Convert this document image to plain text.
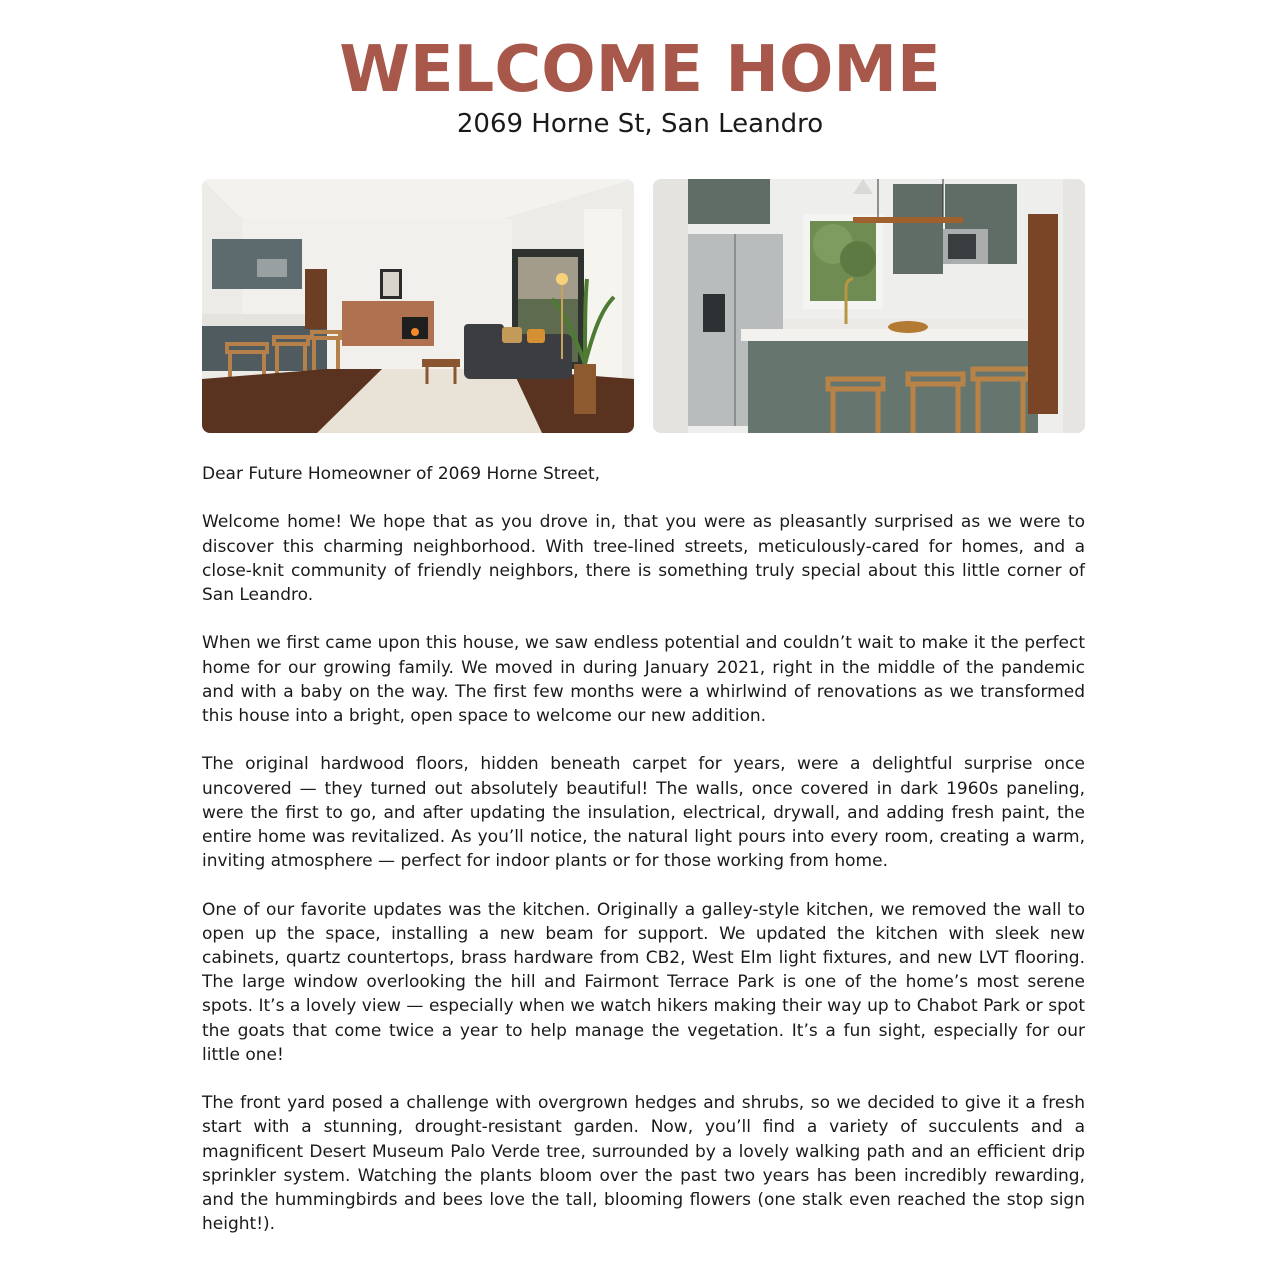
WELCOME HOME
2069 Horne St, San Leandro

Dear Future Homeowner of 2069 Horne Street,

Welcome home! We hope that as you drove in, that you were as pleasantly surprised as we were to discover this charming neighborhood. With tree-lined streets, meticulously-cared for homes, and a close-knit community of friendly neighbors, there is something truly special about this little corner of San Leandro.

When we first came upon this house, we saw endless potential and couldn’t wait to make it the perfect home for our growing family. We moved in during January 2021, right in the middle of the pandemic and with a baby on the way. The first few months were a whirlwind of renovations as we transformed this house into a bright, open space to welcome our new addition.

The original hardwood floors, hidden beneath carpet for years, were a delightful surprise once uncovered — they turned out absolutely beautiful! The walls, once covered in dark 1960s paneling, were the first to go, and after updating the insulation, electrical, drywall, and adding fresh paint, the entire home was revitalized. As you’ll notice, the natural light pours into every room, creating a warm, inviting atmosphere — perfect for indoor plants or for those working from home.

One of our favorite updates was the kitchen. Originally a galley-style kitchen, we removed the wall to open up the space, installing a new beam for support. We updated the kitchen with sleek new cabinets, quartz countertops, brass hardware from CB2, West Elm light fixtures, and new LVT flooring. The large window overlooking the hill and Fairmont Terrace Park is one of the home’s most serene spots. It’s a lovely view — especially when we watch hikers making their way up to Chabot Park or spot the goats that come twice a year to help manage the vegetation. It’s a fun sight, especially for our little one!

The front yard posed a challenge with overgrown hedges and shrubs, so we decided to give it a fresh start with a stunning, drought-resistant garden. Now, you’ll find a variety of succulents and a magnificent Desert Museum Palo Verde tree, surrounded by a lovely walking path and an efficient drip sprinkler system. Watching the plants bloom over the past two years has been incredibly rewarding, and the hummingbirds and bees love the tall, blooming flowers (one stalk even reached the stop sign height!).
